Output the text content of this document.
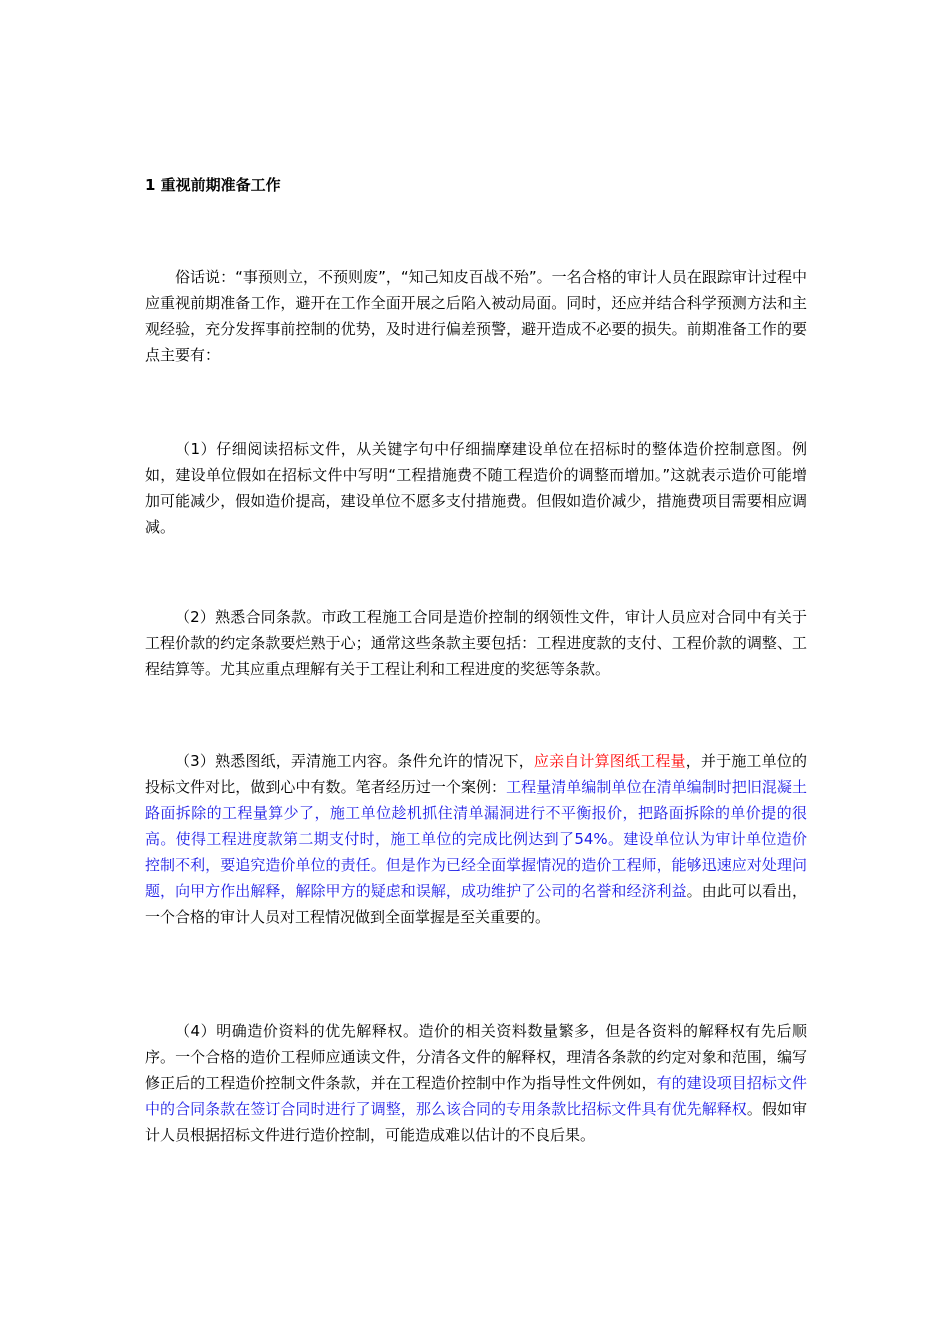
1 重视前期准备工作
俗话说：“事预则立，不预则废”，“知己知皮百战不殆”。一名合格的审计人员在跟踪审计过程中应重视前期准备工作，避开在工作全面开展之后陷入被动局面。同时，还应并结合科学预测方法和主观经验，充分发挥事前控制的优势，及时进行偏差预警，避开造成不必要的损失。前期准备工作的要点主要有：
（1）仔细阅读招标文件，从关键字句中仔细揣摩建设单位在招标时的整体造价控制意图。例如，建设单位假如在招标文件中写明“工程措施费不随工程造价的调整而增加。”这就表示造价可能增加可能减少，假如造价提高，建设单位不愿多支付措施费。但假如造价减少，措施费项目需要相应调减。
（2）熟悉合同条款。市政工程施工合同是造价控制的纲领性文件，审计人员应对合同中有关于工程价款的约定条款要烂熟于心；通常这些条款主要包括：工程进度款的支付、工程价款的调整、工程结算等。尤其应重点理解有关于工程让利和工程进度的奖惩等条款。
（3）熟悉图纸，弄清施工内容。条件允许的情况下，应亲自计算图纸工程量，并于施工单位的投标文件对比，做到心中有数。笔者经历过一个案例：工程量清单编制单位在清单编制时把旧混凝土路面拆除的工程量算少了，施工单位趁机抓住清单漏洞进行不平衡报价，把路面拆除的单价提的很高。使得工程进度款第二期支付时，施工单位的完成比例达到了54%。建设单位认为审计单位造价控制不利，要追究造价单位的责任。但是作为已经全面掌握情况的造价工程师，能够迅速应对处理问题，向甲方作出解释，解除甲方的疑虑和误解，成功维护了公司的名誉和经济利益。由此可以看出，一个合格的审计人员对工程情况做到全面掌握是至关重要的。
（4）明确造价资料的优先解释权。造价的相关资料数量繁多，但是各资料的解释权有先后顺序。一个合格的造价工程师应通读文件，分清各文件的解释权，理清各条款的约定对象和范围，编写修正后的工程造价控制文件条款，并在工程造价控制中作为指导性文件例如，有的建设项目招标文件中的合同条款在签订合同时进行了调整，那么该合同的专用条款比招标文件具有优先解释权。假如审计人员根据招标文件进行造价控制，可能造成难以估计的不良后果。
